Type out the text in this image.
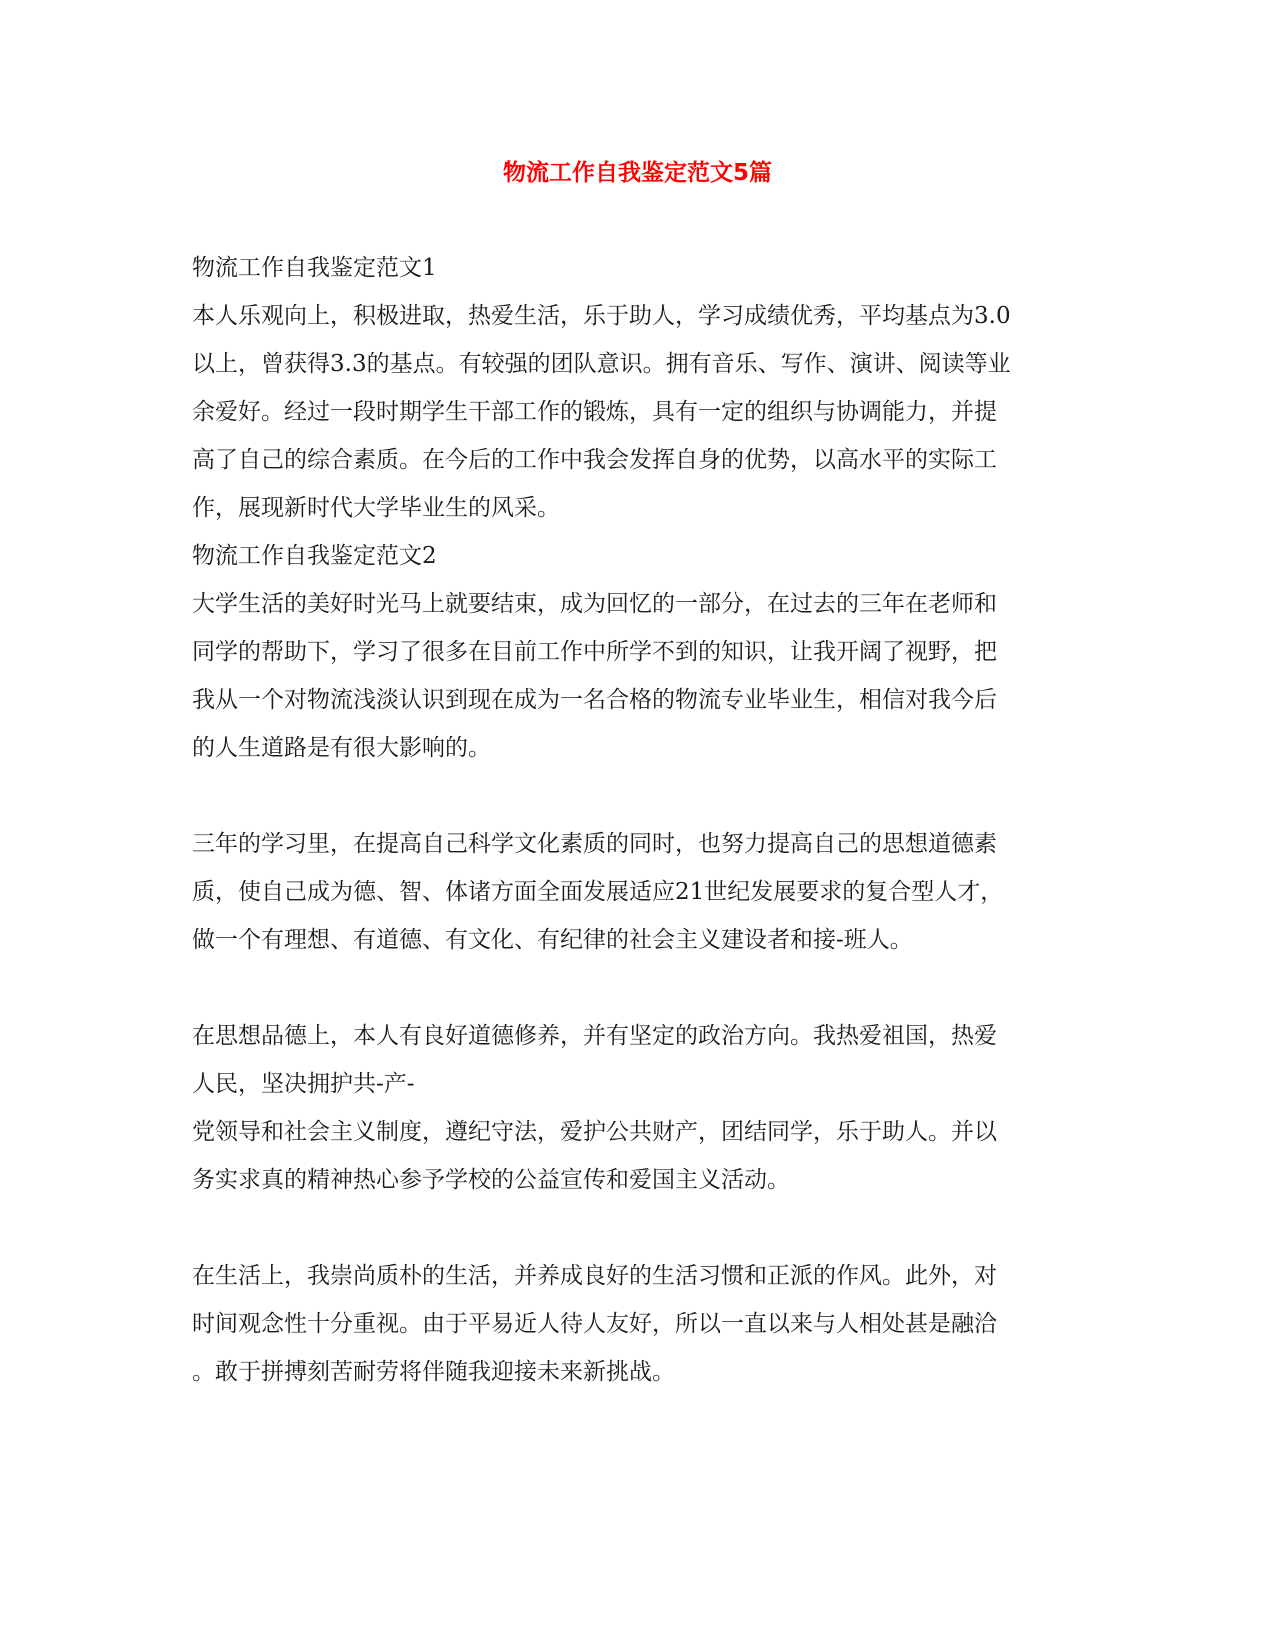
物流工作自我鉴定范文5篇
物流工作自我鉴定范文1
本人乐观向上，积极进取，热爱生活，乐于助人，学习成绩优秀，平均基点为3.0
以上，曾获得3.3的基点。有较强的团队意识。拥有音乐、写作、演讲、阅读等业
余爱好。经过一段时期学生干部工作的锻炼，具有一定的组织与协调能力，并提
高了自己的综合素质。在今后的工作中我会发挥自身的优势，以高水平的实际工
作，展现新时代大学毕业生的风采。
物流工作自我鉴定范文2
大学生活的美好时光马上就要结束，成为回忆的一部分，在过去的三年在老师和
同学的帮助下，学习了很多在目前工作中所学不到的知识，让我开阔了视野，把
我从一个对物流浅淡认识到现在成为一名合格的物流专业毕业生，相信对我今后
的人生道路是有很大影响的。
三年的学习里，在提高自己科学文化素质的同时，也努力提高自己的思想道德素
质，使自己成为德、智、体诸方面全面发展适应21世纪发展要求的复合型人才，
做一个有理想、有道德、有文化、有纪律的社会主义建设者和接-班人。
在思想品德上，本人有良好道德修养，并有坚定的政治方向。我热爱祖国，热爱
人民，坚决拥护共-产-
党领导和社会主义制度，遵纪守法，爱护公共财产，团结同学，乐于助人。并以
务实求真的精神热心参予学校的公益宣传和爱国主义活动。
在生活上，我崇尚质朴的生活，并养成良好的生活习惯和正派的作风。此外，对
时间观念性十分重视。由于平易近人待人友好，所以一直以来与人相处甚是融洽
。敢于拼搏刻苦耐劳将伴随我迎接未来新挑战。
